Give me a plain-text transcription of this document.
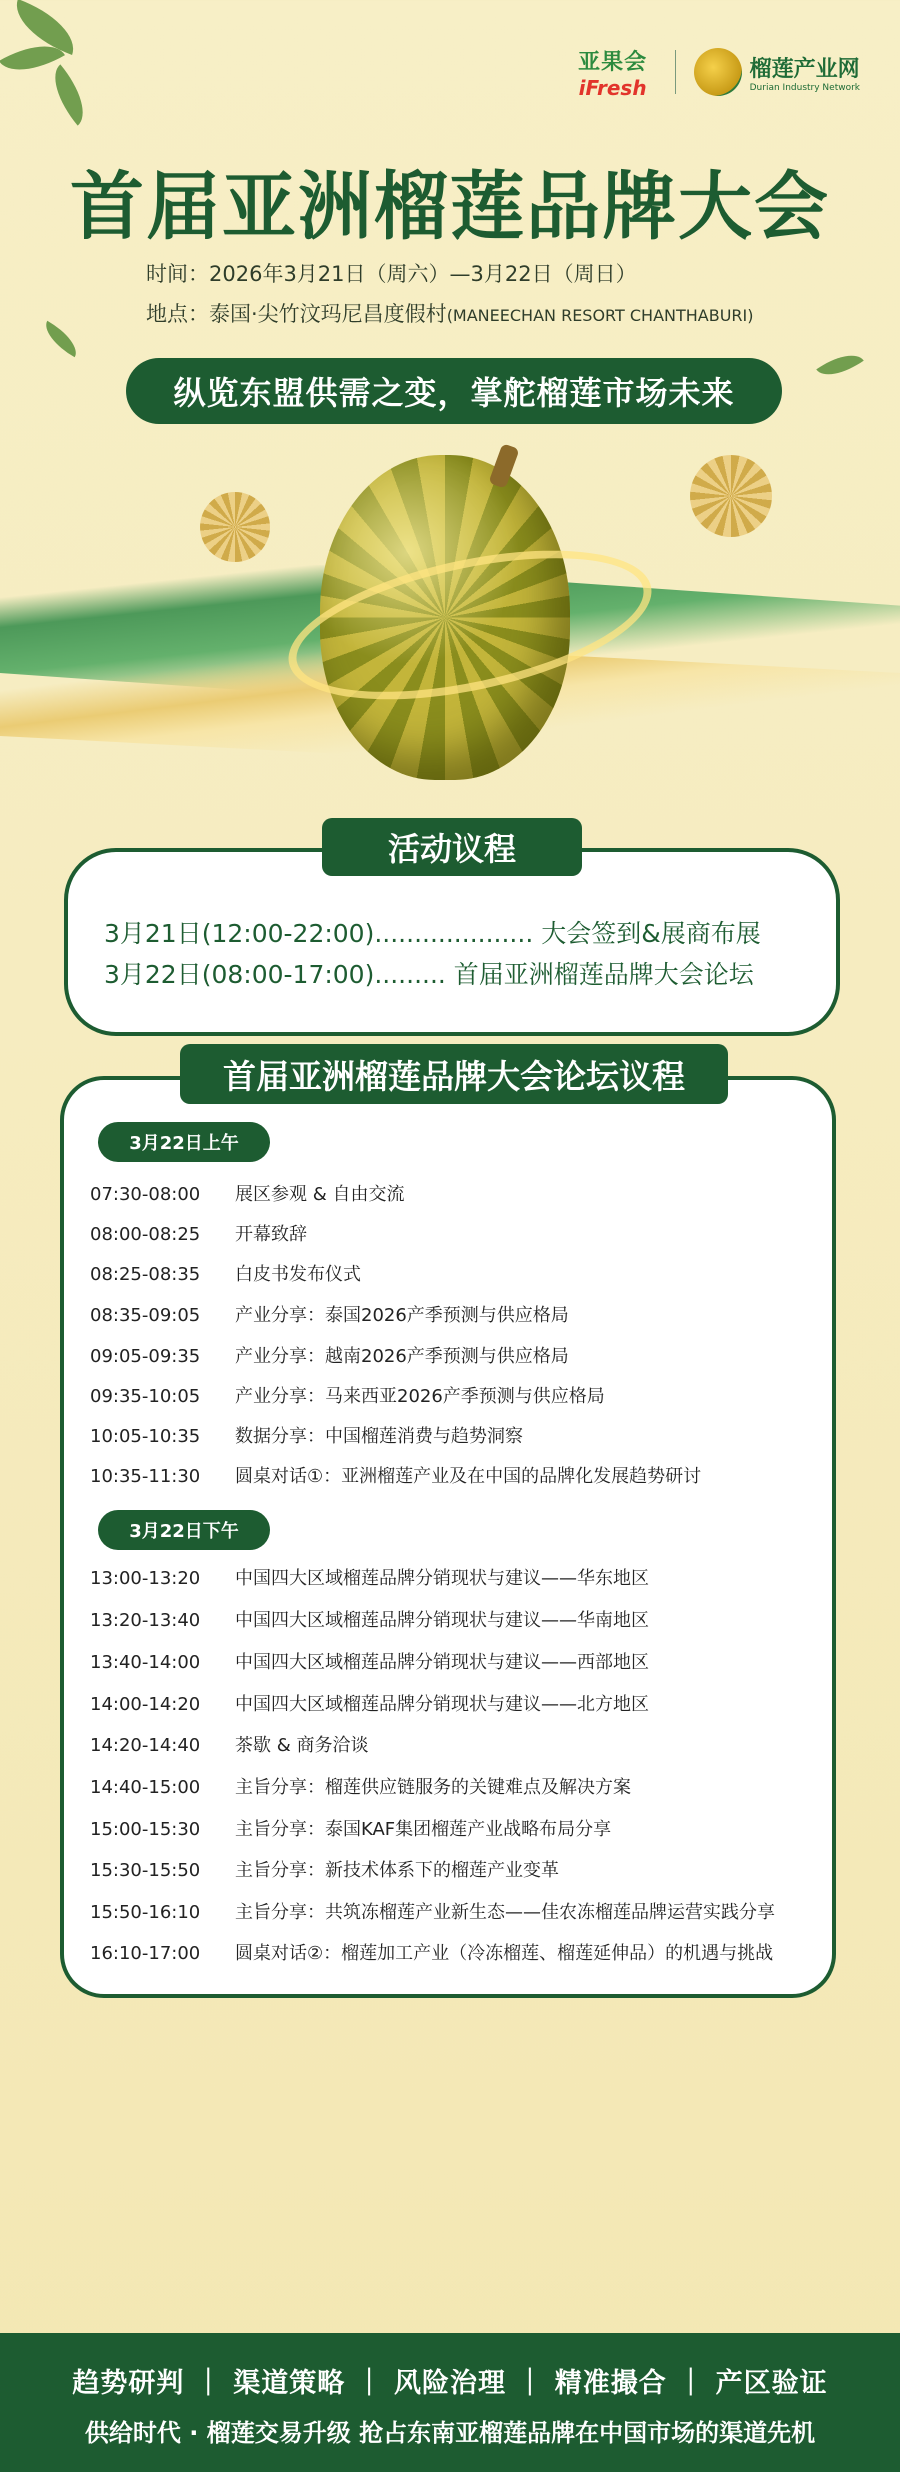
亚果会
iFresh
榴莲产业网
Durian Industry Network
首届亚洲榴莲品牌大会
时间：2026年3月21日（周六）—3月22日（周日）
地点：泰国·尖竹汶玛尼昌度假村(MANEECHAN RESORT CHANTHABURI)
纵览东盟供需之变，掌舵榴莲市场未来
3月21日(12:00-22:00).................... 大会签到&展商布展
3月22日(08:00-17:00)......... 首届亚洲榴莲品牌大会论坛
活动议程
3月22日上午
07:30-08:00 展区参观 & 自由交流
08:00-08:25 开幕致辞
08:25-08:35 白皮书发布仪式
08:35-09:05 产业分享：泰国2026产季预测与供应格局
09:05-09:35 产业分享：越南2026产季预测与供应格局
09:35-10:05 产业分享：马来西亚2026产季预测与供应格局
10:05-10:35 数据分享：中国榴莲消费与趋势洞察
10:35-11:30 圆桌对话①：亚洲榴莲产业及在中国的品牌化发展趋势研讨
3月22日下午
13:00-13:20 中国四大区域榴莲品牌分销现状与建议——华东地区
13:20-13:40 中国四大区域榴莲品牌分销现状与建议——华南地区
13:40-14:00 中国四大区域榴莲品牌分销现状与建议——西部地区
14:00-14:20 中国四大区域榴莲品牌分销现状与建议——北方地区
14:20-14:40 茶歇 & 商务洽谈
14:40-15:00 主旨分享：榴莲供应链服务的关键难点及解决方案
15:00-15:30 主旨分享：泰国KAF集团榴莲产业战略布局分享
15:30-15:50 主旨分享：新技术体系下的榴莲产业变革
15:50-16:10 主旨分享：共筑冻榴莲产业新生态——佳农冻榴莲品牌运营实践分享
16:10-17:00 圆桌对话②：榴莲加工产业（冷冻榴莲、榴莲延伸品）的机遇与挑战
首届亚洲榴莲品牌大会论坛议程
趋势研判 ｜ 渠道策略 ｜ 风险治理 ｜ 精准撮合 ｜ 产区验证
供给时代 · 榴莲交易升级 抢占东南亚榴莲品牌在中国市场的渠道先机
